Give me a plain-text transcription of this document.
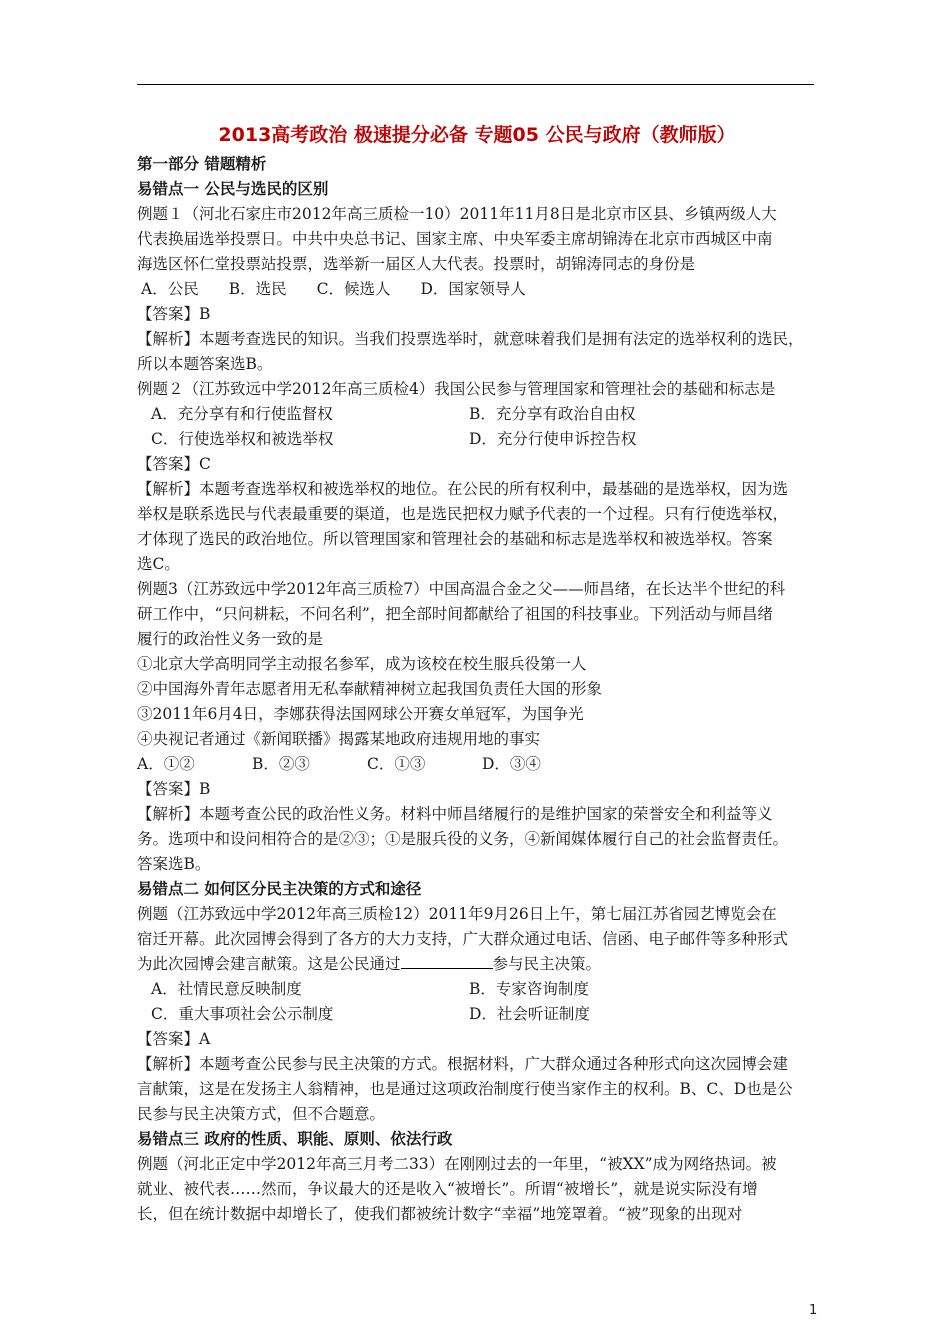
2013高考政治 极速提分必备 专题05 公民与政府（教师版）

第一部分 错题精析

易错点一 公民与选民的区别

例题１（河北石家庄市2012年高三质检一10）2011年11月8日是北京市区县、乡镇两级人大

代表换届选举投票日。中共中央总书记、国家主席、中央军委主席胡锦涛在北京市西城区中南

海选区怀仁堂投票站投票，选举新一届区人大代表。投票时，胡锦涛同志的身份是

A．公民 B．选民 C．候选人 D．国家领导人

【答案】B

【解析】本题考查选民的知识。当我们投票选举时，就意味着我们是拥有法定的选举权利的选民，

所以本题答案选B。

例题２（江苏致远中学2012年高三质检4）我国公民参与管理国家和管理社会的基础和标志是

A．充分享有和行使监督权	B．充分享有政治自由权
C．行使选举权和被选举权	D．充分行使申诉控告权

【答案】C

【解析】本题考查选举权和被选举权的地位。在公民的所有权利中，最基础的是选举权，因为选

举权是联系选民与代表最重要的渠道，也是选民把权力赋予代表的一个过程。只有行使选举权，

才体现了选民的政治地位。所以管理国家和管理社会的基础和标志是选举权和被选举权。答案

选C。

例题3（江苏致远中学2012年高三质检7）中国高温合金之父——师昌绪，在长达半个世纪的科

研工作中，“只问耕耘，不问名利”，把全部时间都献给了祖国的科技事业。下列活动与师昌绪

履行的政治性义务一致的是

①北京大学高明同学主动报名参军，成为该校在校生服兵役第一人

②中国海外青年志愿者用无私奉献精神树立起我国负责任大国的形象

③2011年6月4日，李娜获得法国网球公开赛女单冠军，为国争光

④央视记者通过《新闻联播》揭露某地政府违规用地的事实

A．①②	B．②③	C．①③	D．③④

【答案】B

【解析】本题考查公民的政治性义务。材料中师昌绪履行的是维护国家的荣誉安全和利益等义

务。选项中和设问相符合的是②③；①是服兵役的义务，④新闻媒体履行自己的社会监督责任。

答案选B。

易错点二 如何区分民主决策的方式和途径

例题（江苏致远中学2012年高三质检12）2011年9月26日上午，第七届江苏省园艺博览会在

宿迁开幕。此次园博会得到了各方的大力支持，广大群众通过电话、信函、电子邮件等多种形式

为此次园博会建言献策。这是公民通过	参与民主决策。

A．社情民意反映制度	B．专家咨询制度
C．重大事项社会公示制度	D．社会听证制度

【答案】A

【解析】本题考查公民参与民主决策的方式。根据材料，广大群众通过各种形式向这次园博会建

言献策，这是在发扬主人翁精神，也是通过这项政治制度行使当家作主的权利。B、C、D也是公

民参与民主决策方式，但不合题意。

易错点三 政府的性质、职能、原则、依法行政

例题（河北正定中学2012年高三月考二33）在刚刚过去的一年里，“被XX”成为网络热词。被

就业、被代表……然而，争议最大的还是收入“被增长”。所谓“被增长”，就是说实际没有增

长，但在统计数据中却增长了，使我们都被统计数字“幸福”地笼罩着。“被”现象的出现对

1
